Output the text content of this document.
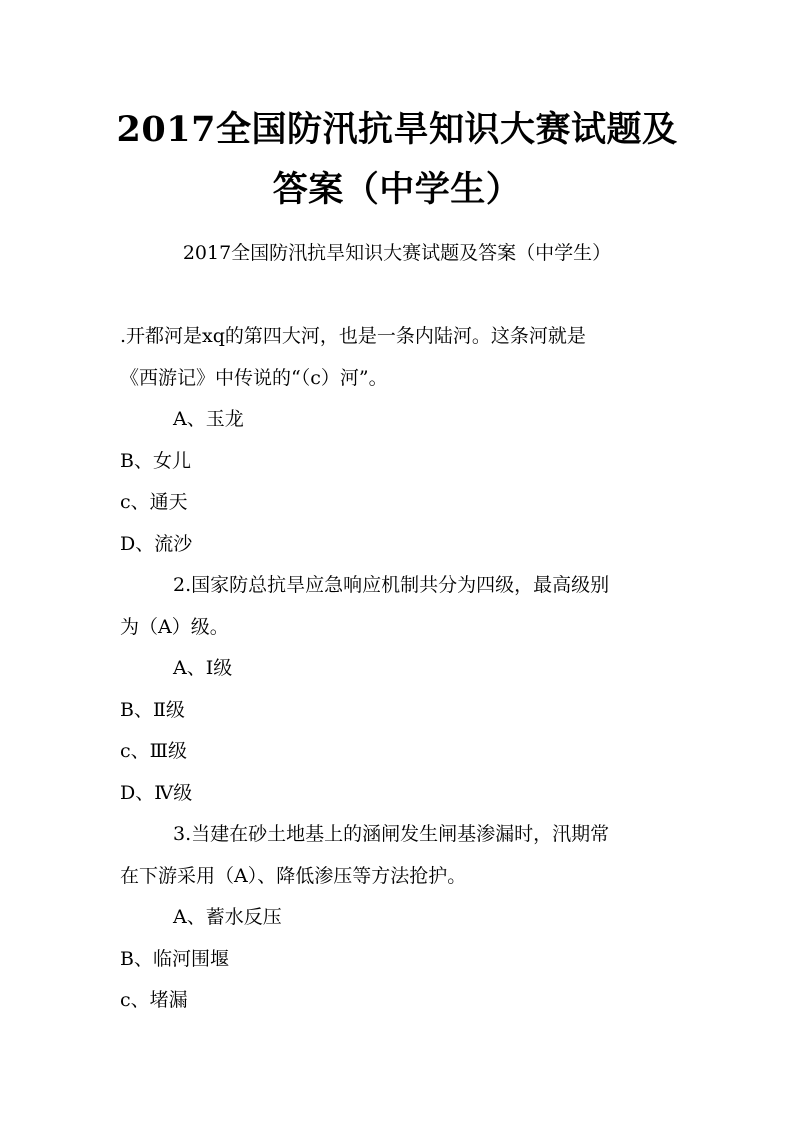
2017全国防汛抗旱知识大赛试题及
答案（中学生）
2017全国防汛抗旱知识大赛试题及答案（中学生）
.开都河是xq的第四大河，也是一条内陆河。这条河就是
《西游记》中传说的“（c）河”。
A、玉龙
B、女儿
c、通天
D、流沙
2.国家防总抗旱应急响应机制共分为四级，最高级别
为（A）级。
A、Ⅰ级
B、Ⅱ级
c、Ⅲ级
D、Ⅳ级
3.当建在砂土地基上的涵闸发生闸基渗漏时，汛期常
在下游采用（A）、降低渗压等方法抢护。
A、蓄水反压
B、临河围堰
c、堵漏
